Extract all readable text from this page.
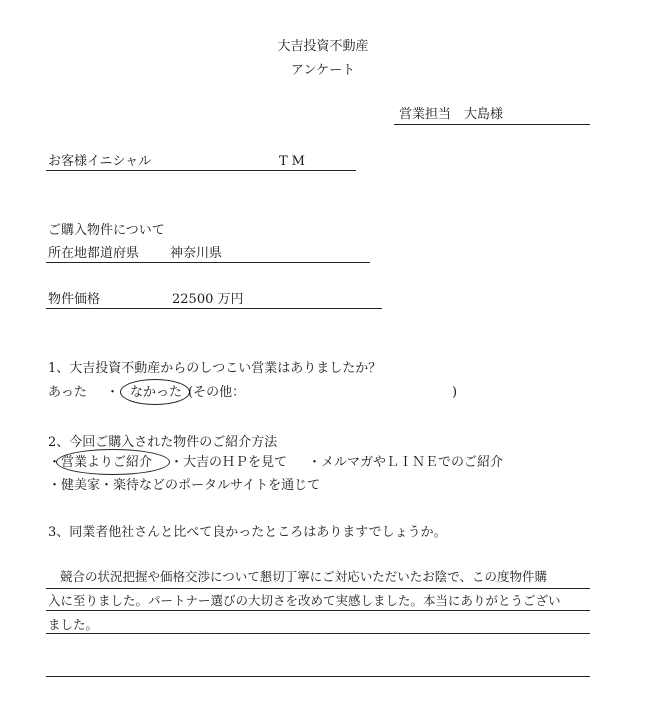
大吉投資不動産
アンケート
営業担当 大島様
お客様イニシャル	TM
ご購入物件について
所在地都道府県 神奈川県
物件価格	22500 万円
1、大吉投資不動産からのしつこい営業はありましたか？
あった ・ なかった (その他：	)
2、今回ご購入された物件のご紹介方法
・営業よりご紹介 ・大吉のＨＰを見て ・メルマガやＬＩＮＥでのご紹介
・健美家・楽待などのポータルサイトを通じて
3、同業者他社さんと比べて良かったところはありますでしょうか。
競合の状況把握や価格交渉について懇切丁寧にご対応いただいたお陰で、この度物件購
入に至りました。パートナー選びの大切さを改めて実感しました。本当にありがとうござい
ました。
